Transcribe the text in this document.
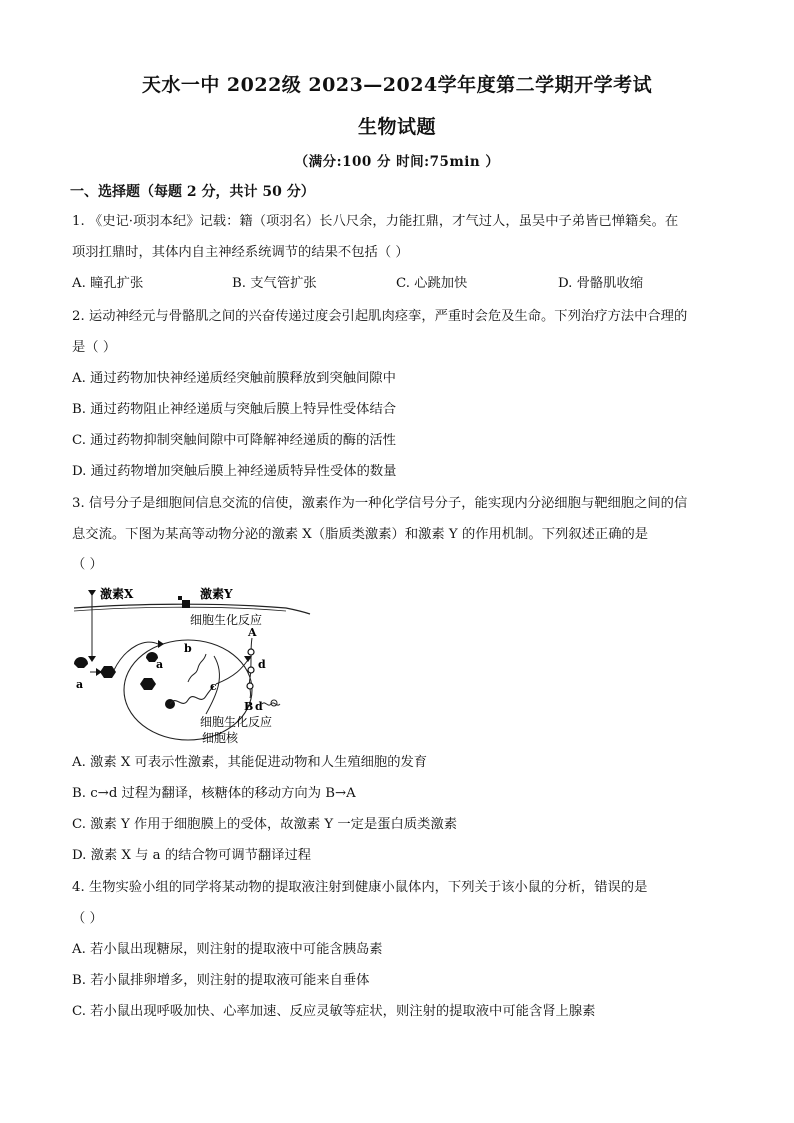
天水一中 2022级 2023—2024学年度第二学期开学考试
生物试题
（满分:100 分 时间:75min ）
一、选择题（每题 2 分，共计 50 分）
1. 《史记·项羽本纪》记载：籍（项羽名）长八尺余，力能扛鼎，才气过人，虽吴中子弟皆已惮籍矣。在
项羽扛鼎时，其体内自主神经系统调节的结果不包括（ ）
A. 瞳孔扩张	B. 支气管扩张	C. 心跳加快	D. 骨骼肌收缩
2. 运动神经元与骨骼肌之间的兴奋传递过度会引起肌肉痉挛，严重时会危及生命。下列治疗方法中合理的
是（ ）
A. 通过药物加快神经递质经突触前膜释放到突触间隙中
B. 通过药物阻止神经递质与突触后膜上特异性受体结合
C. 通过药物抑制突触间隙中可降解神经递质的酶的活性
D. 通过药物增加突触后膜上神经递质特异性受体的数量
3. 信号分子是细胞间信息交流的信使，激素作为一种化学信号分子，能实现内分泌细胞与靶细胞之间的信
息交流。下图为某高等动物分泌的激素 X（脂质类激素）和激素 Y 的作用机制。下列叙述正确的是
（ ）
激素X	激素Y
细胞生化反应
a
a
b
c
A
d
B d
细胞生化反应
细胞核
A. 激素 X 可表示性激素，其能促进动物和人生殖细胞的发育
B. c→d 过程为翻译，核糖体的移动方向为 B→A
C. 激素 Y 作用于细胞膜上的受体，故激素 Y 一定是蛋白质类激素
D. 激素 X 与 a 的结合物可调节翻译过程
4. 生物实验小组的同学将某动物的提取液注射到健康小鼠体内，下列关于该小鼠的分析，错误的是
（ ）
A. 若小鼠出现糖尿，则注射的提取液中可能含胰岛素
B. 若小鼠排卵增多，则注射的提取液可能来自垂体
C. 若小鼠出现呼吸加快、心率加速、反应灵敏等症状，则注射的提取液中可能含肾上腺素
